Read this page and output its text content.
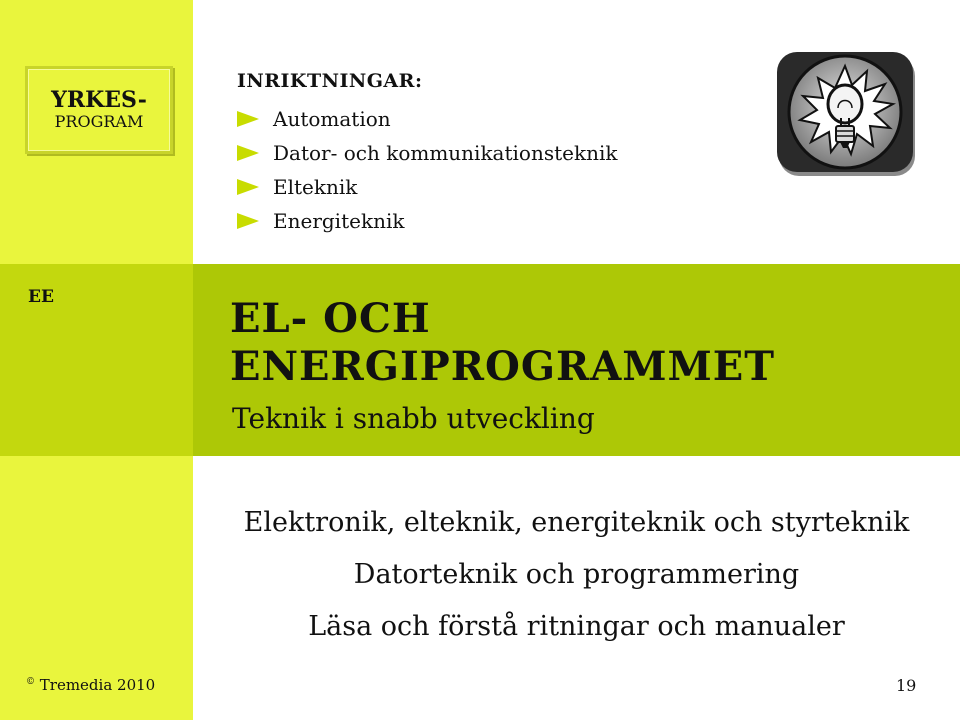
YRKES-
PROGRAM
INRIKTNINGAR:
Automation
Dator- och kommunikationsteknik
Elteknik
Energiteknik
EE	EL- OCH
ENERGIPROGRAMMET

Teknik i snabb utveckling

Elektronik, elteknik, energiteknik och styrteknik
Datorteknik och programmering
Läsa och förstå ritningar och manualer
© Tremedia 2010	19
